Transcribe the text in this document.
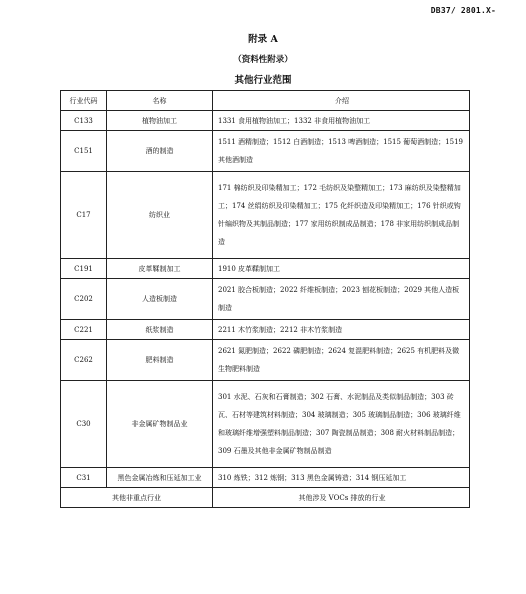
DB37/ 2801.X-
附录 A
（资料性附录）
其他行业范围
行业代码	名称	介绍
C133	植物油加工	1331 食用植物油加工；1332 非食用植物油加工
C151	酒的制造	1511 酒精制造；1512 白酒制造；1513 啤酒制造；1515 葡萄酒制造；1519 其他酒制造
C17	纺织业	171 棉纺织及印染精加工；172 毛纺织及染整精加工；173 麻纺织及染整精加工；174 丝绢纺织及印染精加工；175 化纤织造及印染精加工；176 针织或钩针编织物及其制品制造；177 家用纺织制成品制造；178 非家用纺织制成品制造
C191	皮革鞣制加工	1910 皮革鞣制加工
C202	人造板制造	2021 胶合板制造；2022 纤维板制造；2023 刨花板制造；2029 其他人造板制造
C221	纸浆制造	2211 木竹浆制造；2212 非木竹浆制造
C262	肥料制造	2621 氮肥制造；2622 磷肥制造；2624 复混肥料制造；2625 有机肥料及微生物肥料制造
C30	非金属矿物制品业	301 水泥、石灰和石膏制造；302 石膏、水泥制品及类似制品制造；303 砖瓦、石材等建筑材料制造；304 玻璃制造；305 玻璃制品制造；306 玻璃纤维和玻璃纤维增强塑料制品制造；307 陶瓷制品制造；308 耐火材料制品制造；309 石墨及其他非金属矿物制品制造
C31	黑色金属冶炼和压延加工业	310 炼铁；312 炼钢；313 黑色金属铸造；314 钢压延加工
其他非重点行业		其他涉及 VOCs 排放的行业
